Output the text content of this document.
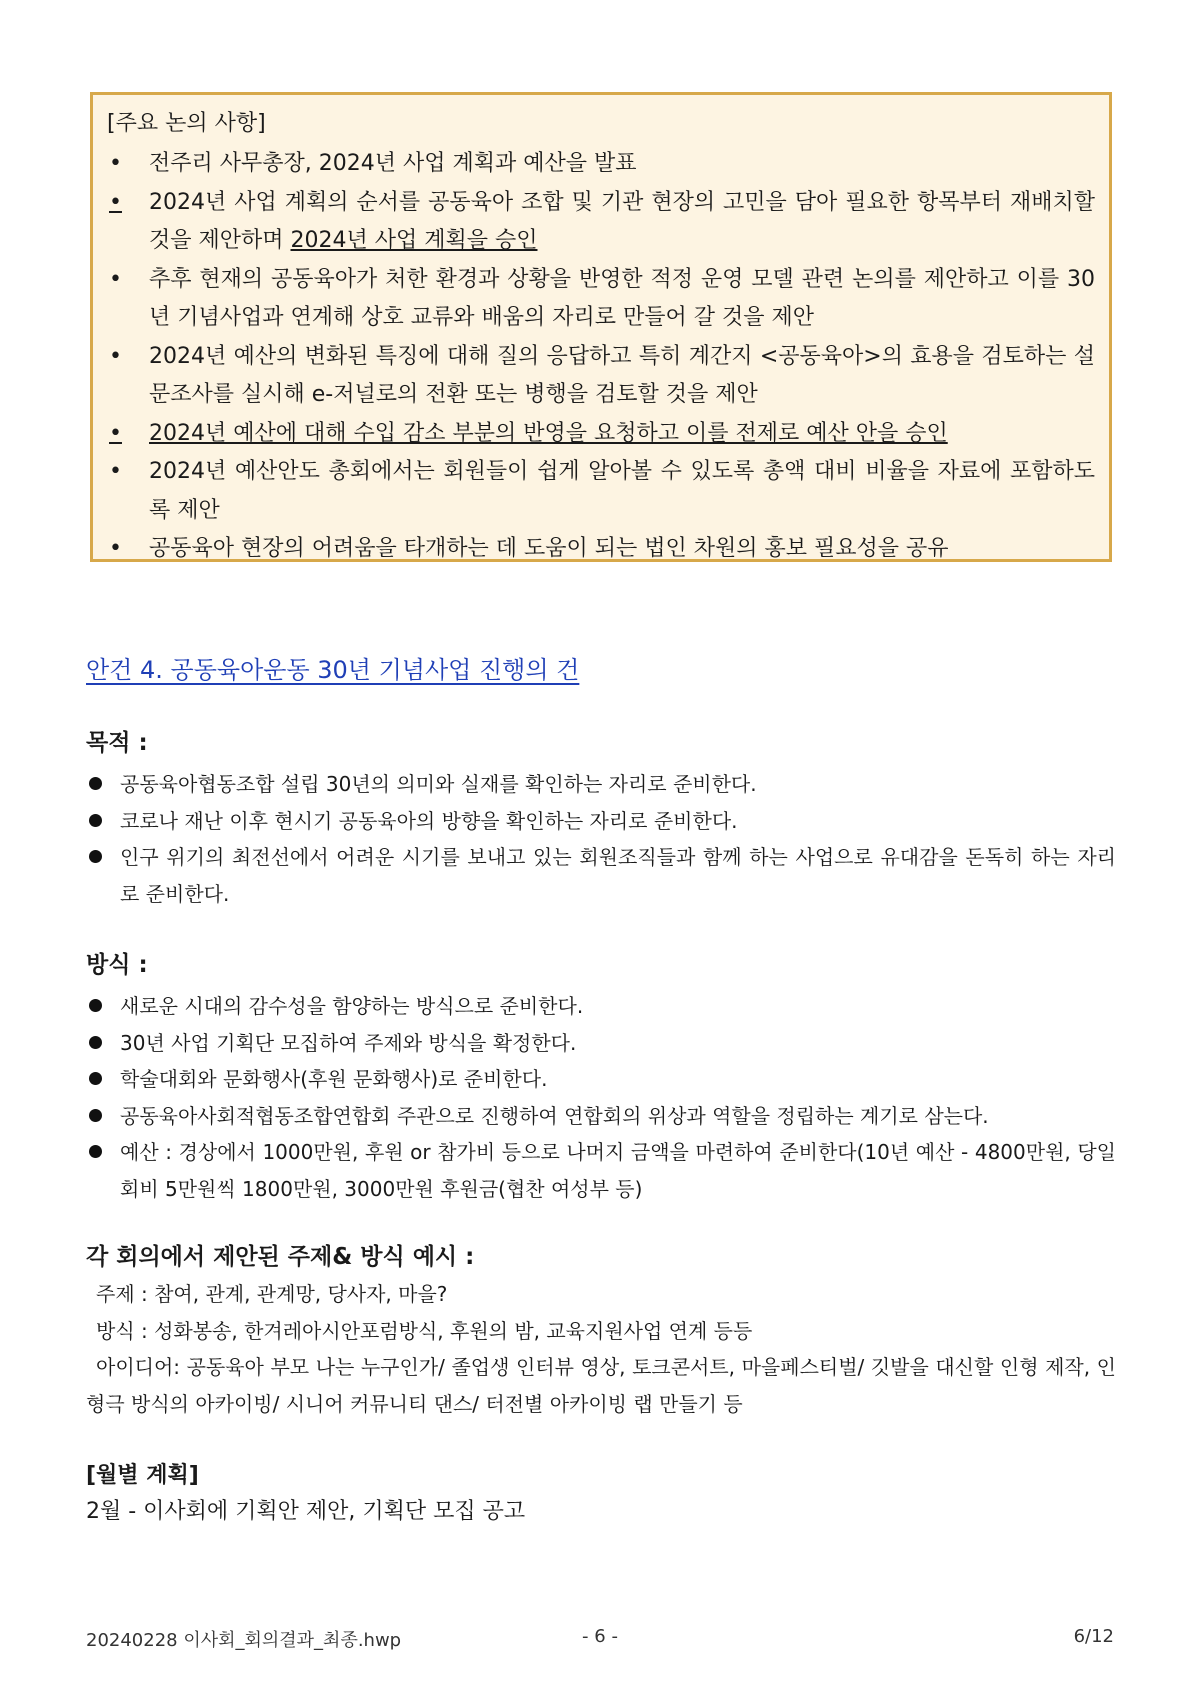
[주요 논의 사항]

•	전주리 사무총장, 2024년 사업 계획과 예산을 발표
•	2024년 사업 계획의 순서를 공동육아 조합 및 기관 현장의 고민을 담아 필요한 항목부터 재배치할 것을 제안하며 2024년 사업 계획을 승인
•	추후 현재의 공동육아가 처한 환경과 상황을 반영한 적정 운영 모델 관련 논의를 제안하고 이를 30년 기념사업과 연계해 상호 교류와 배움의 자리로 만들어 갈 것을 제안
•	2024년 예산의 변화된 특징에 대해 질의 응답하고 특히 계간지 <공동육아>의 효용을 검토하는 설문조사를 실시해 e-저널로의 전환 또는 병행을 검토할 것을 제안
•	2024년 예산에 대해 수입 감소 부분의 반영을 요청하고 이를 전제로 예산 안을 승인
•	2024년 예산안도 총회에서는 회원들이 쉽게 알아볼 수 있도록 총액 대비 비율을 자료에 포함하도록 제안
•	공동육아 현장의 어려움을 타개하는 데 도움이 되는 법인 차원의 홍보 필요성을 공유
안건 4. 공동육아운동 30년 기념사업 진행의 건

목적 :

공동육아협동조합 설립 30년의 의미와 실재를 확인하는 자리로 준비한다.
코로나 재난 이후 현시기 공동육아의 방향을 확인하는 자리로 준비한다.
인구 위기의 최전선에서 어려운 시기를 보내고 있는 회원조직들과 함께 하는 사업으로 유대감을 돈독히 하는 자리로 준비한다.

방식 :

새로운 시대의 감수성을 함양하는 방식으로 준비한다.
30년 사업 기획단 모집하여 주제와 방식을 확정한다.
학술대회와 문화행사(후원 문화행사)로 준비한다.
공동육아사회적협동조합연합회 주관으로 진행하여 연합회의 위상과 역할을 정립하는 계기로 삼는다.
예산 : 경상에서 1000만원, 후원 or 참가비 등으로 나머지 금액을 마련하여 준비한다(10년 예산 - 4800만원, 당일 회비 5만원씩 1800만원, 3000만원 후원금(협찬 여성부 등)

각 회의에서 제안된 주제& 방식 예시 :

주제 : 참여, 관계, 관계망, 당사자, 마을?

방식 : 성화봉송, 한겨레아시안포럼방식, 후원의 밤, 교육지원사업 연계 등등

아이디어: 공동육아 부모 나는 누구인가/ 졸업생 인터뷰 영상, 토크콘서트, 마을페스티벌/ 깃발을 대신할 인형 제작, 인형극 방식의 아카이빙/ 시니어 커뮤니티 댄스/ 터전별 아카이빙 랩 만들기 등

[월별 계획]

2월 - 이사회에 기획안 제안, 기획단 모집 공고

20240228 이사회_회의결과_최종.hwp	- 6 -	6/12
